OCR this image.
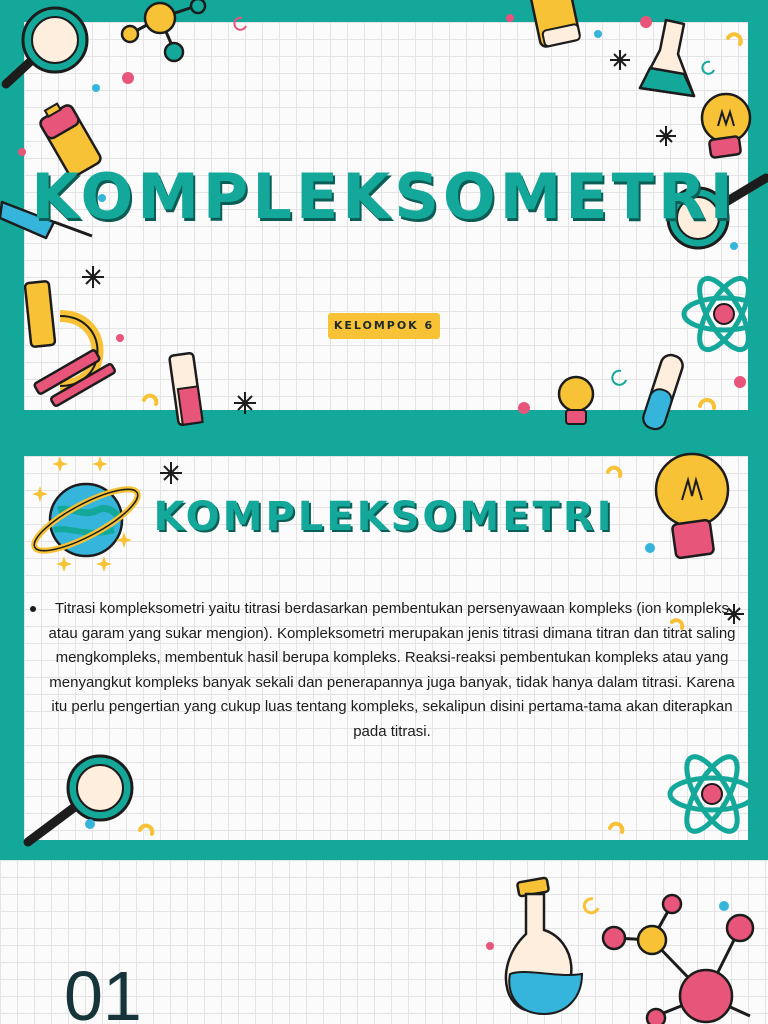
KOMPLEKSOMETRI
KELOMPOK 6
KOMPLEKSOMETRI
Titrasi kompleksometri yaitu titrasi berdasarkan pembentukan persenyawaan kompleks (ion kompleks atau garam yang sukar mengion). Kompleksometri merupakan jenis titrasi dimana titran dan titrat saling mengkompleks, membentuk hasil berupa kompleks. Reaksi-reaksi pembentukan kompleks atau yang menyangkut kompleks banyak sekali dan penerapannya juga banyak, tidak hanya dalam titrasi. Karena itu perlu pengertian yang cukup luas tentang kompleks, sekalipun disini pertama-tama akan diterapkan pada titrasi.
01
